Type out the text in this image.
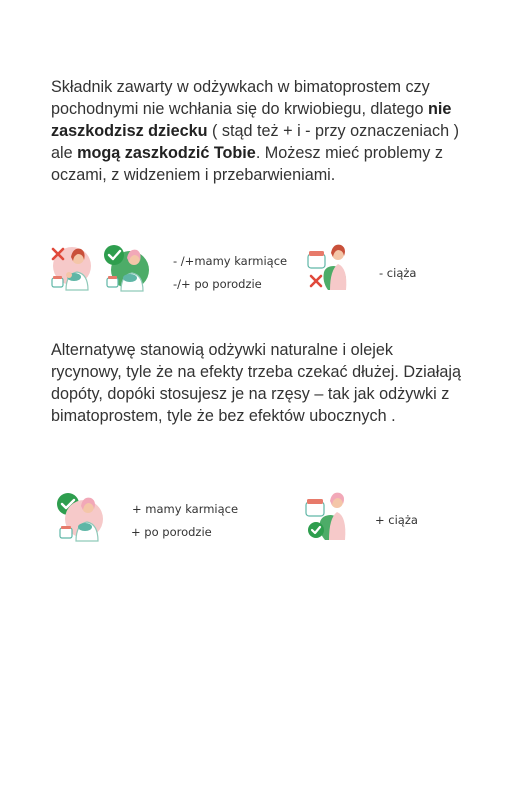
Składnik zawarty w odżywkach w bimatoprostem czy pochodnymi nie wchłania się do krwiobiegu, dlatego nie zaszkodzisz dziecku ( stąd też + i - przy oznaczeniach ) ale mogą zaszkodzić Tobie. Możesz mieć problemy z oczami, z widzeniem i przebarwieniami.

- /+mamy karmiące
-/+ po porodzie
- ciąża

Alternatywę stanowią odżywki naturalne i olejek rycynowy, tyle że na efekty trzeba czekać dłużej. Działają dopóty, dopóki stosujesz je na rzęsy – tak jak odżywki z bimatoprostem, tyle że bez efektów ubocznych .

+ mamy karmiące
+ po porodzie
+ ciąża
